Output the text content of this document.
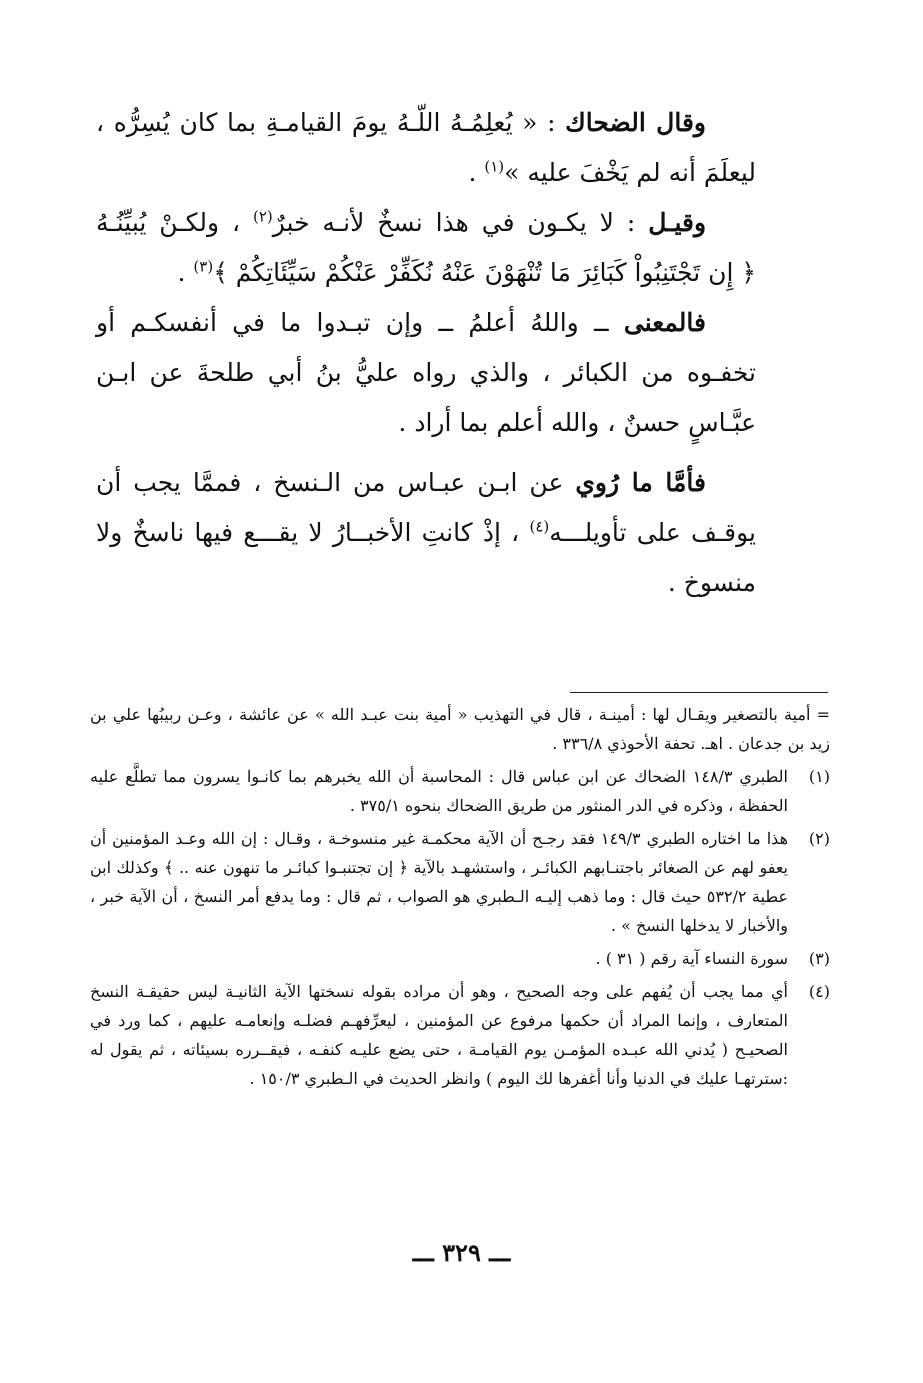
وقال الضحاك : « يُعلِمُـهُ اللّـهُ يومَ القيامـةِ بما كان يُسِرُّه ، ليعلَمَ أنه لم يَخْفَ عليه »$^{(١)}$ .

وقيـل : لا يكـون في هذا نسخٌ لأنـه خبرٌ$^{(٢)}$ ، ولكـنْ يُبيِّنُـهُ ﴿ إِن تَجْتَنِبُواْ كَبَائِرَ مَا تُنْهَوْنَ عَنْهُ نُكَفِّرْ عَنْكُمْ سَيِّئَاتِكُمْ ﴾$^{(٣)}$ .

فالمعنى ــ واللهُ أعلمُ ــ وإن تبـدوا ما في أنفسكـم أو تخفـوه من الكبائر ، والذي رواه عليُّ بنُ أبي طلحةَ عن ابـن عبَّـاسٍ حسنٌ ، والله أعلم بما أراد .

فأمَّا ما رُوي عن ابـن عبـاس من الـنسخ ، فممَّا يجب أن يوقـف على تأويلـــه$^{(٤)}$ ، إذْ كانتِ الأخبــارُ لا يقـــع فيها ناسخٌ ولا منسوخ .

= أمية بالتصغير ويقـال لها : أمينـة ، قال في التهذيب « أمية بنت عبـد الله » عن عائشة ، وعـن ربيبُها علي بن زيد بن جدعان . اهـ. تحفة الأحوذي ٣٣٦/٨ .
(١)
الطبري ١٤٨/٣ الضحاك عن ابن عباس قال : المحاسبة أن الله يخبرهم بما كانـوا يسرون مما تطلَّع عليه الحفظة ، وذكره في الدر المنثور من طريق االضحاك بنحوه ٣٧٥/١ .
(٢)
هذا ما اختاره الطبري ١٤٩/٣ فقد رجـح أن الآية محكمـة غير منسوخـة ، وقـال : إن الله وعـد المؤمنين أن يعفو لهم عن الصغائر باجتنـابهم الكبائـر ، واستشهـد بالآية ﴿ إن تجتنبـوا كبائـر ما تنهون عنه .. ﴾ وكذلك ابن عطية ٥٣٢/٢ حيث قال : وما ذهب إليـه الـطبري هو الصواب ، ثم قال : وما يدفع أمر النسخ ، أن الآية خبر ، والأخبار لا يدخلها النسخ » .
(٣)
سورة النساء آية رقم ( ٣١ ) .
(٤)
أي مما يجب أن يُفهم على وجه الصحيح ، وهو أن مراده بقوله نسختها الآية الثانيـة ليس حقيقـة النسخ المتعارف ، وإنما المراد أن حكمها مرفوع عن المؤمنين ، ليعرِّفهـم فضلـه وإنعامـه عليهم ، كما ورد في الصحيـح ( يُدني الله عبـده المؤمـن يوم القيامـة ، حتى يضع عليـه كنفـه ، فيقــرره بسيئاته ، ثم يقول له :سترتهـا عليك في الدنيا وأنا أغفرها لك اليوم ) وانظر الحديث في الـطبري ١٥٠/٣ .
ـــ ٣٢٩ ـــ
